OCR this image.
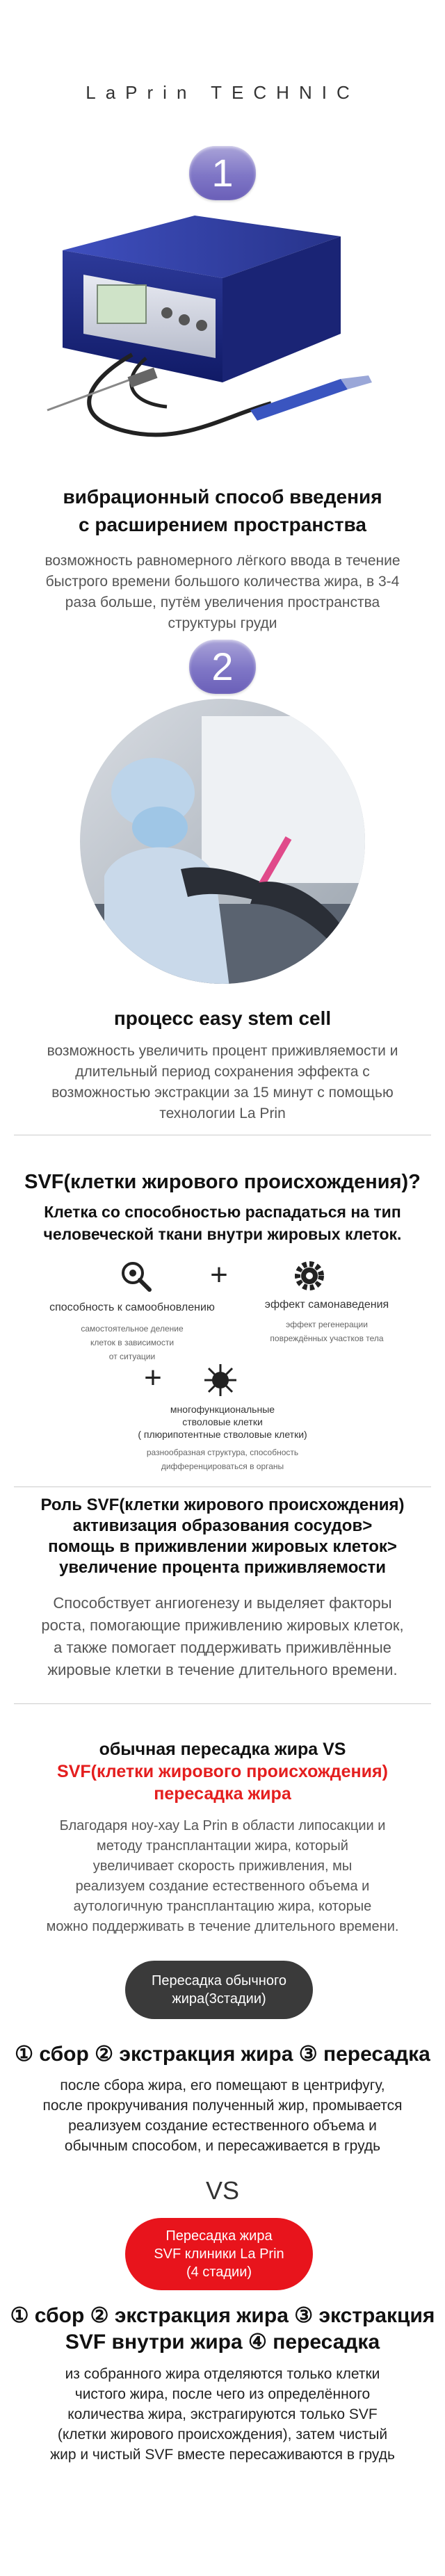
LaPrin TECHNIC
1
вибрационный способ введения
с расширением пространства
возможность равномерного лёгкого ввода в течение
быстрого времени большого количества жира, в 3-4
раза больше, путём увеличения пространства
структуры груди
2
процесс easy stem cell
возможность увеличить процент приживляемости и
длительный период сохранения эффекта с
возможностью экстракции за 15 минут с помощью
технологии La Prin
SVF(клетки жирового происхождения)?
Клетка со способностью распадаться на тип
человеческой ткани внутри жировых клеток.
+
способность к самообновлению	эффект самонаведения
самостоятельное деление
клеток в зависимости
от ситуации
эффект регенерации
повреждённых участков тела
+
многофункциональные
стволовые клетки
( плюрипотентные стволовые клетки)
разнообразная структура, способность
дифференцироваться в органы
Роль SVF(клетки жирового происхождения)
активизация образования сосудов>
помощь в приживлении жировых клеток>
увеличение процента приживляемости
Способствует ангиогенезу и выделяет факторы
роста, помогающие приживлению жировых клеток,
а также помогает поддерживать приживлённые
жировые клетки в течение длительного времени.
обычная пересадка жира VS
SVF(клетки жирового происхождения)
пересадка жира
Благодаря ноу-хау La Prin в области липосакции и
методу трансплантации жира, который
увеличивает скорость приживления, мы
реализуем создание естественного объема и
аутологичную трансплантацию жира, которые
можно поддерживать в течение длительного времени.
Пересадка обычного
жира(3стадии)
① сбор ② экстракция жира ③ пересадка
после сбора жира, его помещают в центрифугу,
после прокручивания полученный жир, промывается
реализуем создание естественного объема и
обычным способом, и пересаживается в грудь
VS
Пересадка жира
SVF клиники La Prin
(4 стадии)
① сбор ② экстракция жира ③ экстракция
SVF внутри жира ④ пересадка
из собранного жира отделяются только клетки
чистого жира, после чего из определённого
количества жира, экстрагируются только SVF
(клетки жирового происхождения), затем чистый
жир и чистый SVF вместе пересаживаются в грудь
